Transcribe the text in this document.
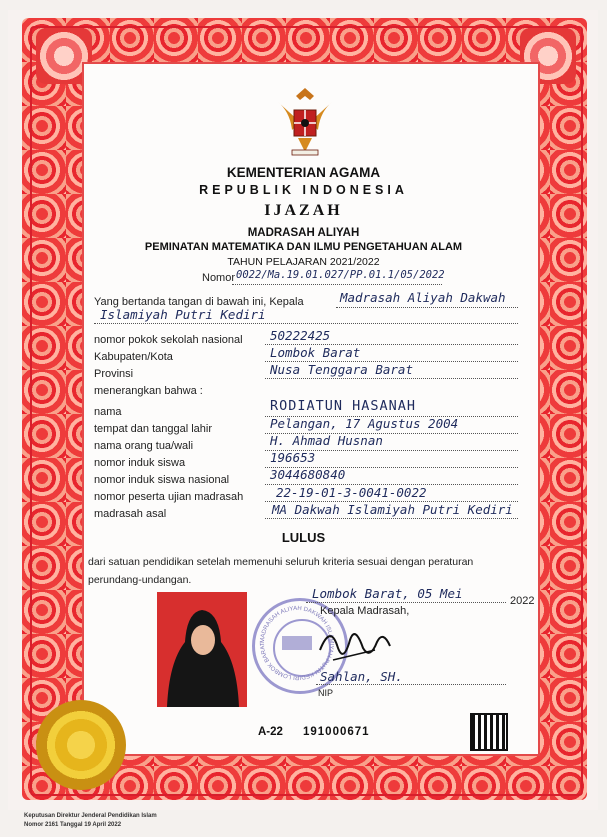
KEMENTERIAN AGAMA
REPUBLIK INDONESIA
IJAZAH
MADRASAH ALIYAH
PEMINATAN MATEMATIKA DAN ILMU PENGETAHUAN ALAM
TAHUN PELAJARAN 2021/2022
Nomor 0022/Ma.19.01.027/PP.01.1/05/2022
Yang bertanda tangan di bawah ini, Kepala	Madrasah Aliyah Dakwah
Islamiyah Putri Kediri
nomor pokok sekolah nasional 50222425
Kabupaten/Kota	Lombok Barat
Provinsi	Nusa Tenggara Barat
menerangkan bahwa :
nama	RODIATUN HASANAH
tempat dan tanggal lahir	Pelangan, 17 Agustus 2004
nama orang tua/wali	H. Ahmad Husnan
nomor induk siswa	196653
nomor induk siswa nasional	3044680840
nomor peserta ujian madrasah	22-19-01-3-0041-0022
madrasah asal	MA Dakwah Islamiyah Putri Kediri
LULUS
dari satuan pendidikan setelah memenuhi seluruh kriteria sesuai dengan peraturan
perundang-undangan.
MADRASAH ALIYAH DAKWAH ISLAMIYAH PUTRI KEDIRI LOMBOK BARAT
Lombok Barat, 05 Mei	2022
Kepala Madrasah,
Sahlan, SH.
NIP
A-22 191000671
Keputusan Direktur Jenderal Pendidikan Islam
Nomor 2161 Tanggal 19 April 2022
